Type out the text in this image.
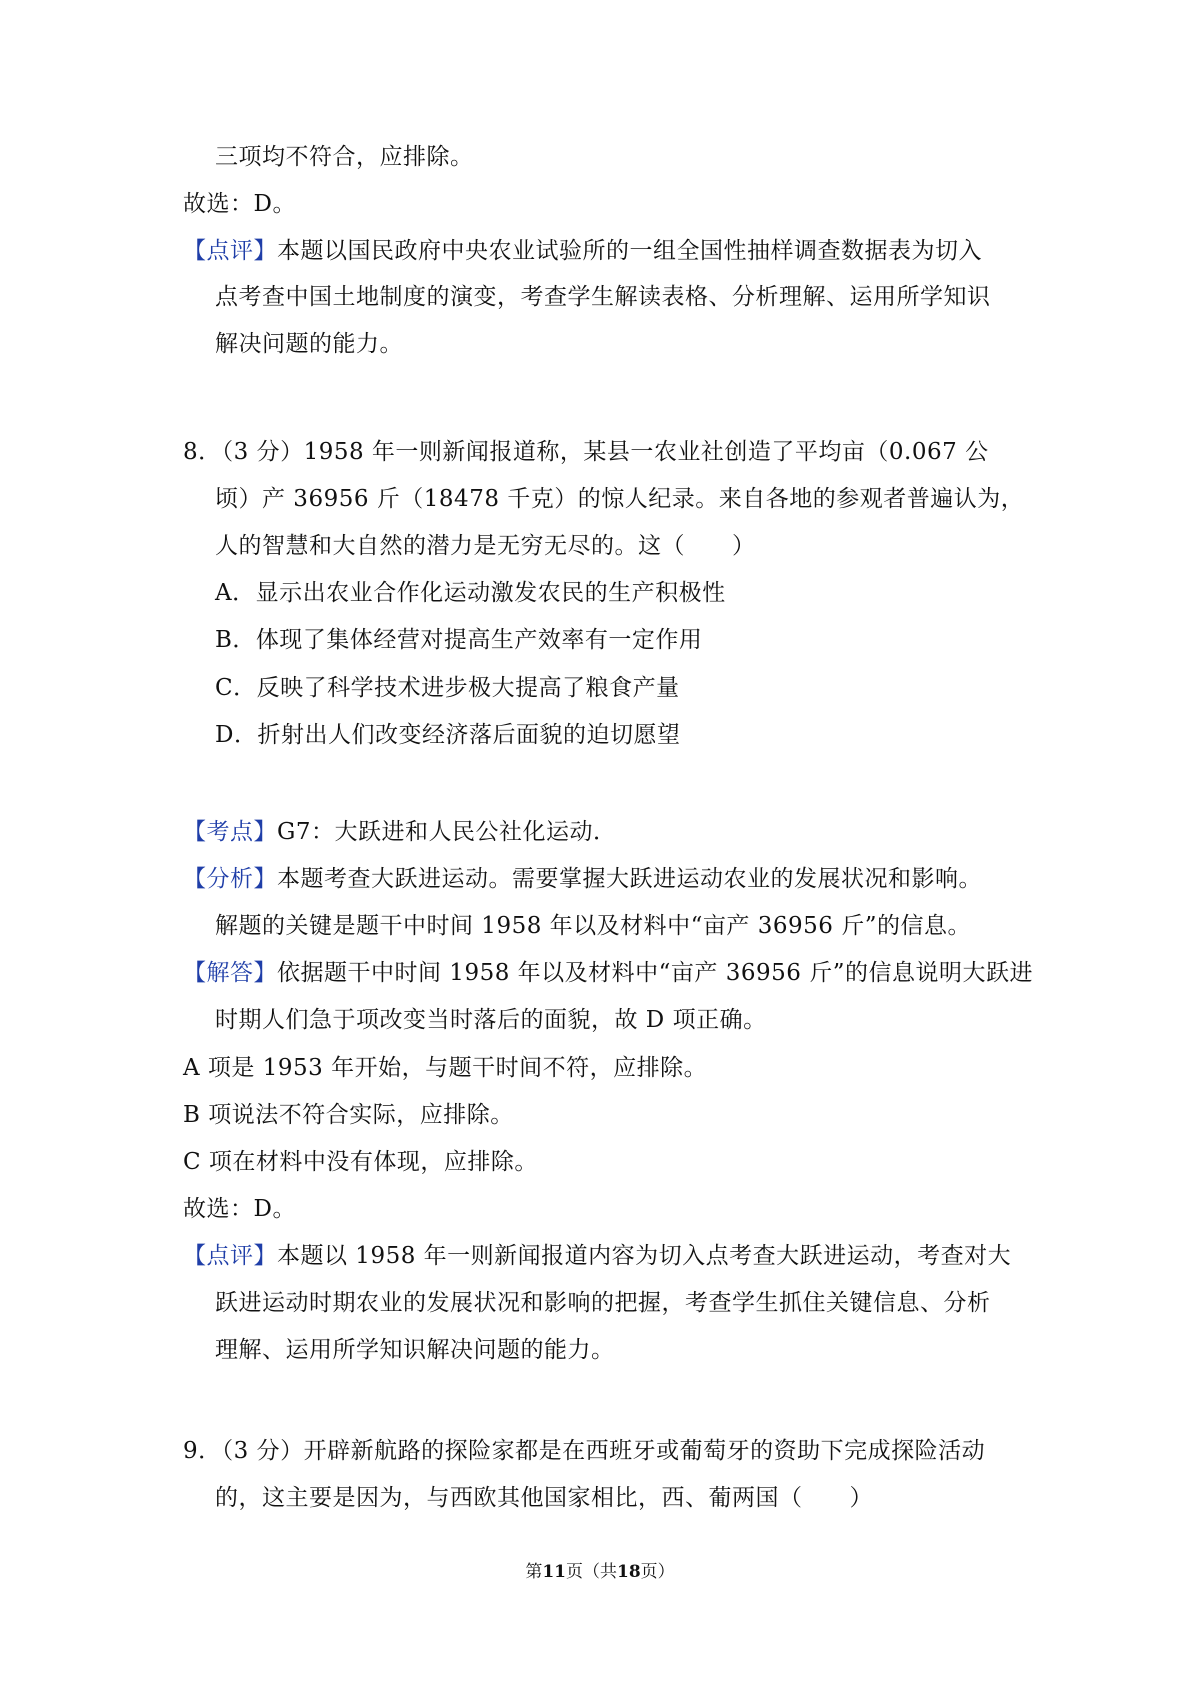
三项均不符合，应排除。
故选：D。
【点评】本题以国民政府中央农业试验所的一组全国性抽样调查数据表为切入
点考查中国土地制度的演变，考查学生解读表格、分析理解、运用所学知识
解决问题的能力。
8．（3 分）1958 年一则新闻报道称，某县一农业社创造了平均亩（0.067 公
顷）产 36956 斤（18478 千克）的惊人纪录。来自各地的参观者普遍认为，
人的智慧和大自然的潜力是无穷无尽的。这（　　）
A．显示出农业合作化运动激发农民的生产积极性
B．体现了集体经营对提高生产效率有一定作用
C．反映了科学技术进步极大提高了粮食产量
D．折射出人们改变经济落后面貌的迫切愿望
【考点】G7：大跃进和人民公社化运动．
【分析】本题考查大跃进运动。需要掌握大跃进运动农业的发展状况和影响。
解题的关键是题干中时间 1958 年以及材料中“亩产 36956 斤”的信息。
【解答】依据题干中时间 1958 年以及材料中“亩产 36956 斤”的信息说明大跃进
时期人们急于项改变当时落后的面貌，故 D 项正确。
A 项是 1953 年开始，与题干时间不符，应排除。
B 项说法不符合实际，应排除。
C 项在材料中没有体现，应排除。
故选：D。
【点评】本题以 1958 年一则新闻报道内容为切入点考查大跃进运动，考查对大
跃进运动时期农业的发展状况和影响的把握，考查学生抓住关键信息、分析
理解、运用所学知识解决问题的能力。
9．（3 分）开辟新航路的探险家都是在西班牙或葡萄牙的资助下完成探险活动
的，这主要是因为，与西欧其他国家相比，西、葡两国（　　）
第11页（共18页）
